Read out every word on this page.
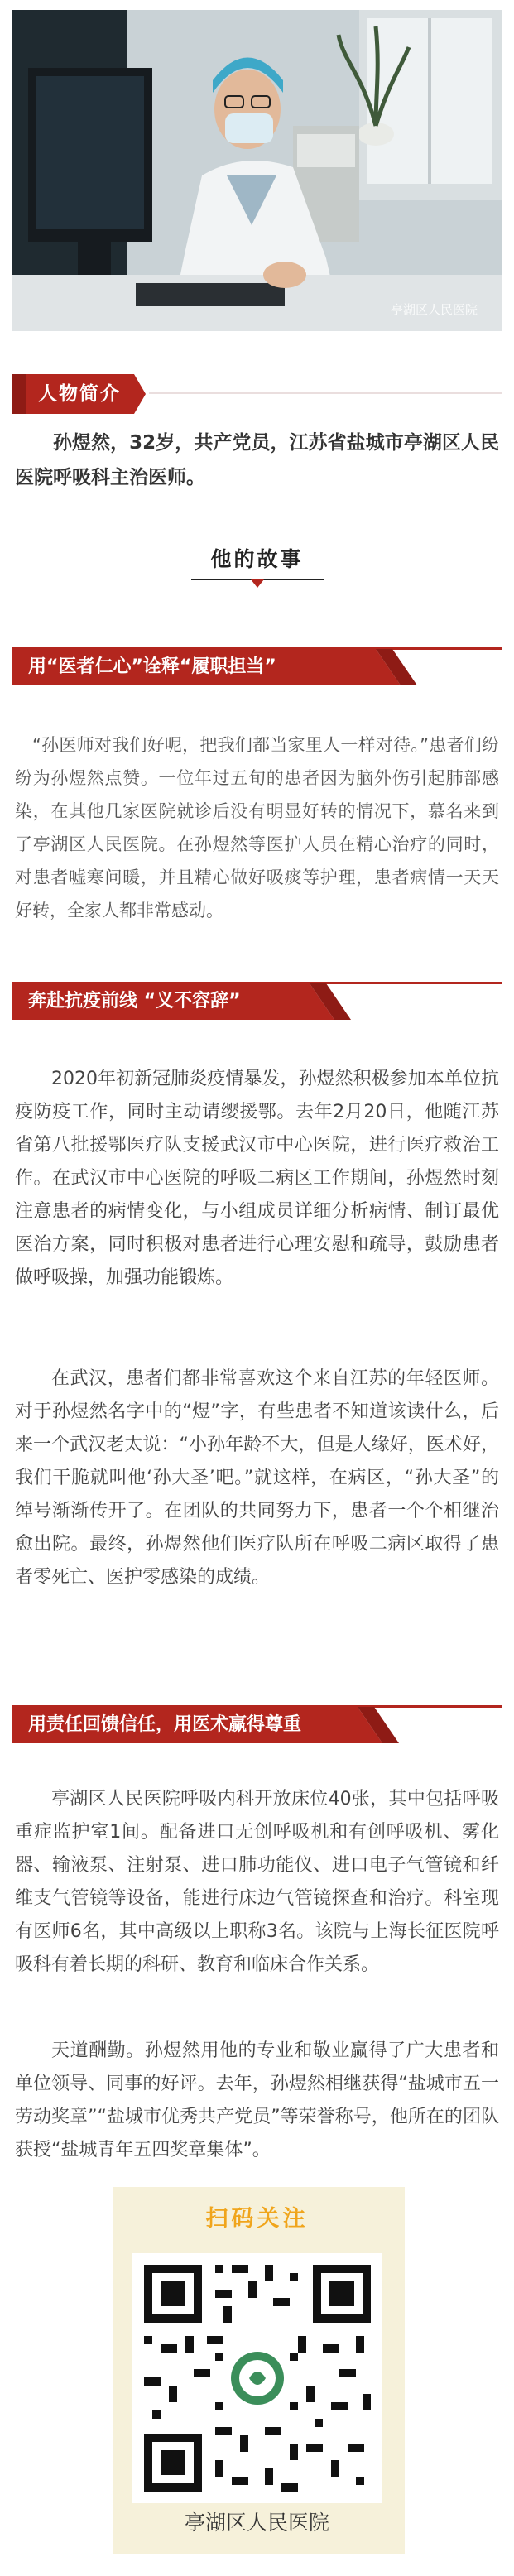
亭湖区人民医院
人物简介

孙煜然，32岁，共产党员，江苏省盐城市亭湖区人民医院呼吸科主治医师。

他的故事
用“医者仁心”诠释“履职担当”

“孙医师对我们好呢，把我们都当家里人一样对待。”患者们纷纷为孙煜然点赞。一位年过五旬的患者因为脑外伤引起肺部感染，在其他几家医院就诊后没有明显好转的情况下，慕名来到了亭湖区人民医院。在孙煜然等医护人员在精心治疗的同时，对患者嘘寒问暖，并且精心做好吸痰等护理，患者病情一天天好转，全家人都非常感动。

奔赴抗疫前线 “义不容辞”

2020年初新冠肺炎疫情暴发，孙煜然积极参加本单位抗疫防疫工作，同时主动请缨援鄂。去年2月20日，他随江苏省第八批援鄂医疗队支援武汉市中心医院，进行医疗救治工作。在武汉市中心医院的呼吸二病区工作期间，孙煜然时刻注意患者的病情变化，与小组成员详细分析病情、制订最优医治方案，同时积极对患者进行心理安慰和疏导，鼓励患者做呼吸操，加强功能锻炼。

在武汉，患者们都非常喜欢这个来自江苏的年轻医师。对于孙煜然名字中的“煜”字，有些患者不知道该读什么，后来一个武汉老太说：“小孙年龄不大，但是人缘好，医术好，我们干脆就叫他‘孙大圣’吧。”就这样，在病区，“孙大圣”的绰号渐渐传开了。在团队的共同努力下，患者一个个相继治愈出院。最终，孙煜然他们医疗队所在呼吸二病区取得了患者零死亡、医护零感染的成绩。

用责任回馈信任，用医术赢得尊重

亭湖区人民医院呼吸内科开放床位40张，其中包括呼吸重症监护室1间。配备进口无创呼吸机和有创呼吸机、雾化器、输液泵、注射泵、进口肺功能仪、进口电子气管镜和纤维支气管镜等设备，能进行床边气管镜探查和治疗。科室现有医师6名，其中高级以上职称3名。该院与上海长征医院呼吸科有着长期的科研、教育和临床合作关系。

天道酬勤。孙煜然用他的专业和敬业赢得了广大患者和单位领导、同事的好评。去年，孙煜然相继获得“盐城市五一劳动奖章”“盐城市优秀共产党员”等荣誉称号，他所在的团队获授“盐城青年五四奖章集体”。

扫码关注
亭湖区人民医院
